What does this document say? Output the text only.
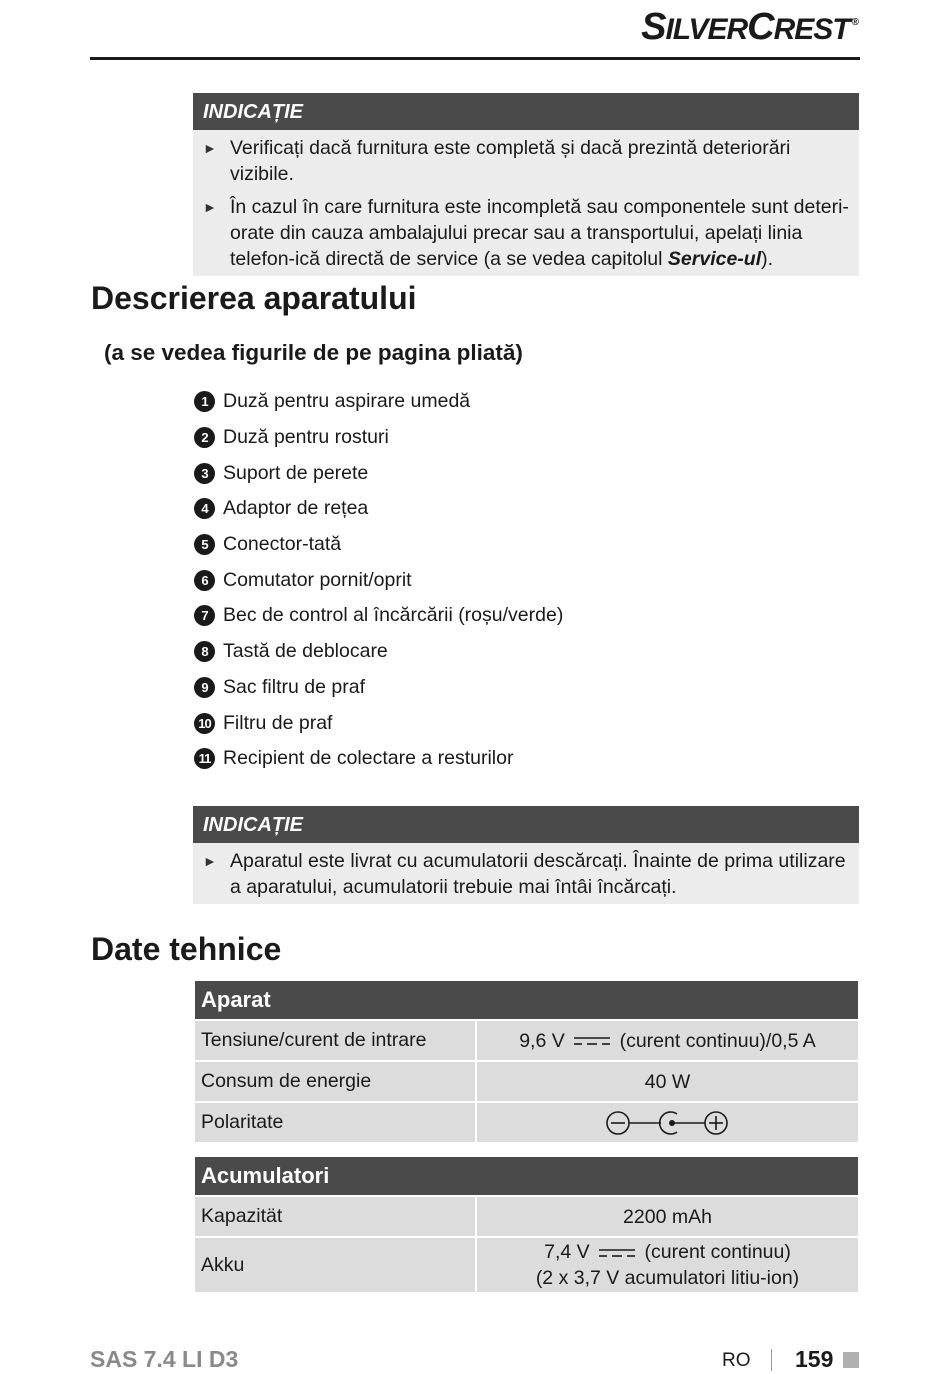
SILVERCREST ®
INDICAȚIE
► Verificați dacă furnitura este completă și dacă prezintă deteriorări vizibile.
► În cazul în care furnitura este incompletă sau componentele sunt deteri-orate din cauza ambalajului precar sau a transportului, apelați linia telefon-ică directă de service (a se vedea capitolul Service-ul).
Descrierea aparatului
(a se vedea figurile de pe pagina pliată)
1 Duză pentru aspirare umedă
2 Duză pentru rosturi
3 Suport de perete
4 Adaptor de rețea
5 Conector-tată
6 Comutator pornit/oprit
7 Bec de control al încărcării (roșu/verde)
8 Tastă de deblocare
9 Sac filtru de praf
10 Filtru de praf
11 Recipient de colectare a resturilor
INDICAȚIE
► Aparatul este livrat cu acumulatorii descărcați. Înainte de prima utilizare a aparatului, acumulatorii trebuie mai întâi încărcați.
Date tehnice
Aparat	
Tensiune/curent de intrare	9,6 V (curent continuu)/0,5 A
Consum de energie	40 W
Polaritate	
Acumulatori	
Kapazität	2200 mAh
Akku	7,4 V (curent continuu)
(2 x 3,7 V acumulatori litiu-ion)
SAS 7.4 LI D3	RO 159
